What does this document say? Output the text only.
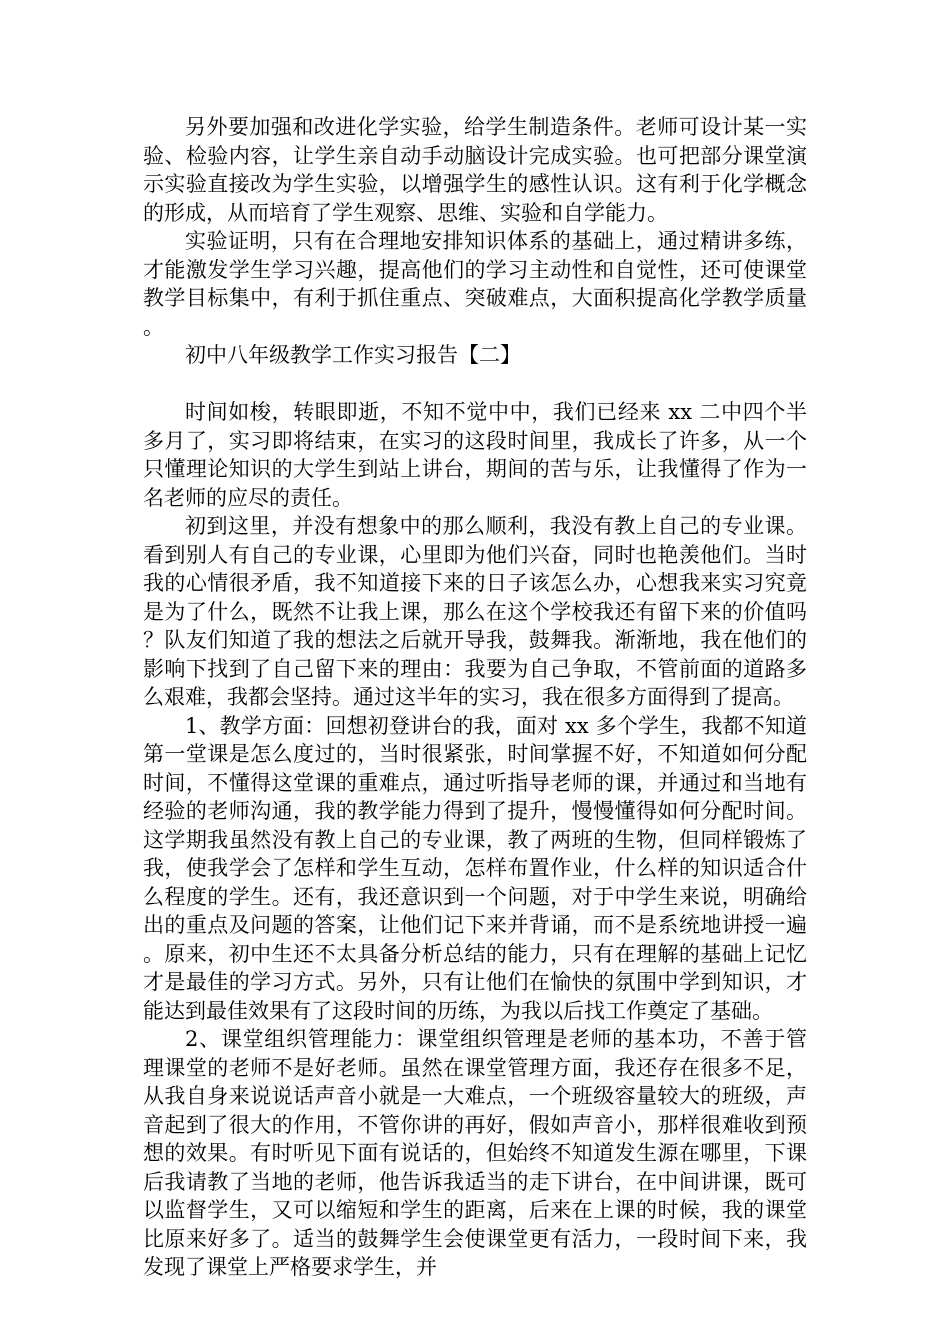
另外要加强和改进化学实验，给学生制造条件。老师可设计某一实验、检验内容，让学生亲自动手动脑设计完成实验。也可把部分课堂演示实验直接改为学生实验，以增强学生的感性认识。这有利于化学概念的形成，从而培育了学生观察、思维、实验和自学能力。

实验证明，只有在合理地安排知识体系的基础上，通过精讲多练，才能激发学生学习兴趣，提高他们的学习主动性和自觉性，还可使课堂教学目标集中，有利于抓住重点、突破难点，大面积提高化学教学质量。

初中八年级教学工作实习报告【二】

时间如梭，转眼即逝，不知不觉中中，我们已经来 xx 二中四个半多月了，实习即将结束，在实习的这段时间里，我成长了许多，从一个只懂理论知识的大学生到站上讲台，期间的苦与乐，让我懂得了作为一名老师的应尽的责任。

初到这里，并没有想象中的那么顺利，我没有教上自己的专业课。看到别人有自己的专业课，心里即为他们兴奋，同时也艳羡他们。当时我的心情很矛盾，我不知道接下来的日子该怎么办，心想我来实习究竟是为了什么，既然不让我上课，那么在这个学校我还有留下来的价值吗？队友们知道了我的想法之后就开导我，鼓舞我。渐渐地，我在他们的影响下找到了自己留下来的理由：我要为自己争取，不管前面的道路多么艰难，我都会坚持。通过这半年的实习，我在很多方面得到了提高。

1、教学方面：回想初登讲台的我，面对 xx 多个学生，我都不知道第一堂课是怎么度过的，当时很紧张，时间掌握不好，不知道如何分配时间，不懂得这堂课的重难点，通过听指导老师的课，并通过和当地有经验的老师沟通，我的教学能力得到了提升，慢慢懂得如何分配时间。这学期我虽然没有教上自己的专业课，教了两班的生物，但同样锻炼了我，使我学会了怎样和学生互动，怎样布置作业，什么样的知识适合什么程度的学生。还有，我还意识到一个问题，对于中学生来说，明确给出的重点及问题的答案，让他们记下来并背诵，而不是系统地讲授一遍。原来，初中生还不太具备分析总结的能力，只有在理解的基础上记忆才是最佳的学习方式。另外，只有让他们在愉快的氛围中学到知识，才能达到最佳效果有了这段时间的历练，为我以后找工作奠定了基础。

2、课堂组织管理能力：课堂组织管理是老师的基本功，不善于管理课堂的老师不是好老师。虽然在课堂管理方面，我还存在很多不足，从我自身来说说话声音小就是一大难点，一个班级容量较大的班级，声音起到了很大的作用，不管你讲的再好，假如声音小，那样很难收到预想的效果。有时听见下面有说话的，但始终不知道发生源在哪里，下课后我请教了当地的老师，他告诉我适当的走下讲台，在中间讲课，既可以监督学生，又可以缩短和学生的距离，后来在上课的时候，我的课堂比原来好多了。适当的鼓舞学生会使课堂更有活力，一段时间下来，我发现了课堂上严格要求学生，并
